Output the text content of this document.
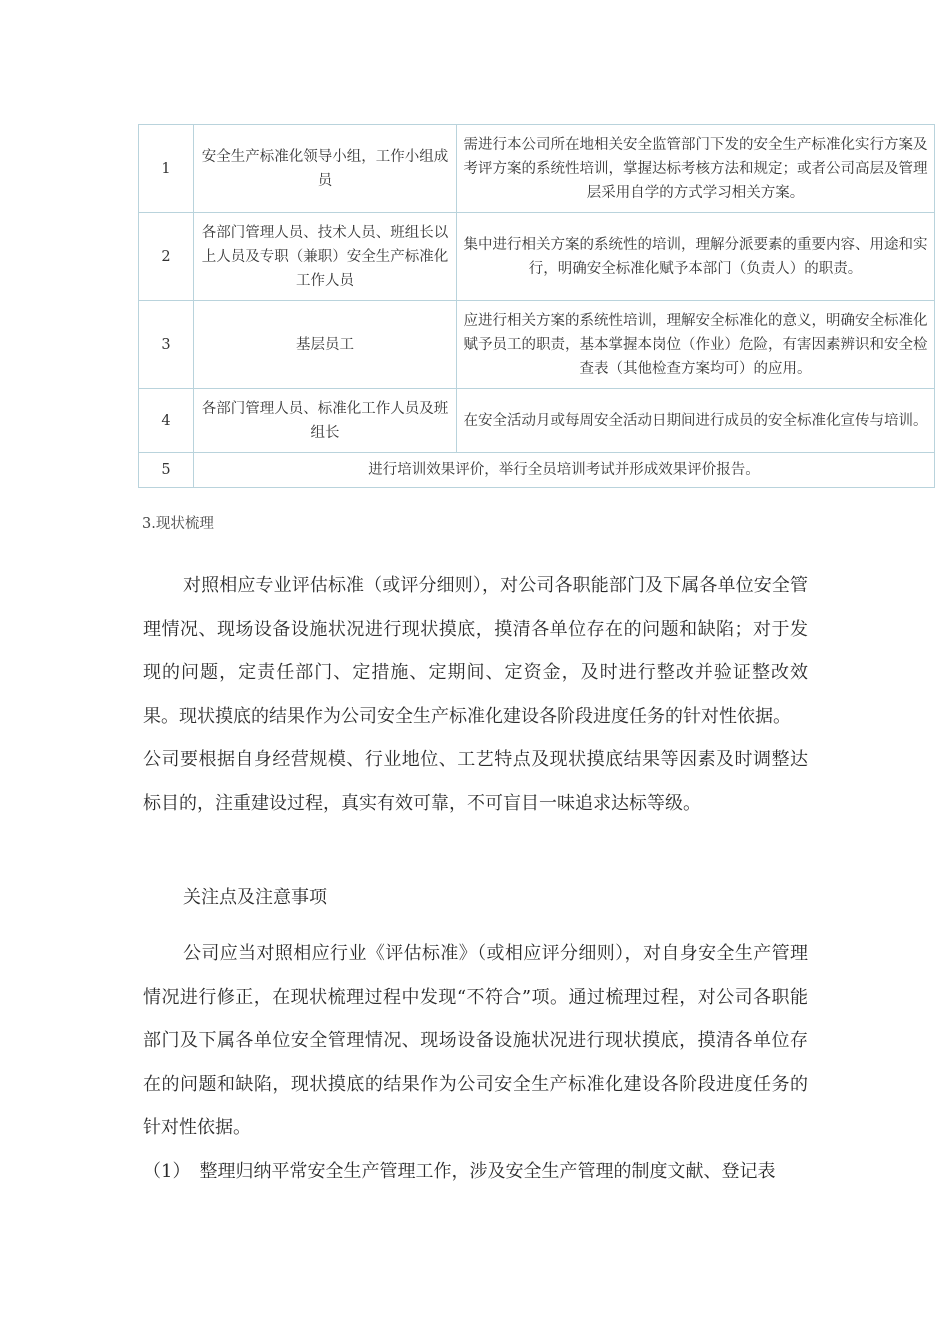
1	安全生产标准化领导小组，工作小组成员	需进行本公司所在地相关安全监管部门下发的安全生产标准化实行方案及考评方案的系统性培训，掌握达标考核方法和规定；或者公司高层及管理层采用自学的方式学习相关方案。
2	各部门管理人员、技术人员、班组长以上人员及专职（兼职）安全生产标准化工作人员	集中进行相关方案的系统性的培训，理解分派要素的重要内容、用途和实行，明确安全标准化赋予本部门（负责人）的职责。
3	基层员工	应进行相关方案的系统性培训，理解安全标准化的意义，明确安全标准化赋予员工的职责，基本掌握本岗位（作业）危险，有害因素辨识和安全检查表（其他检查方案均可）的应用。
4	各部门管理人员、标准化工作人员及班组长	在安全活动月或每周安全活动日期间进行成员的安全标准化宣传与培训。
5	进行培训效果评价，举行全员培训考试并形成效果评价报告。	
3.现状梳理

对照相应专业评估标准（或评分细则），对公司各职能部门及下属各单位安全管理情况、现场设备设施状况进行现状摸底，摸清各单位存在的问题和缺陷；对于发现的问题，定责任部门、定措施、定期间、定资金，及时进行整改并验证整改效果。现状摸底的结果作为公司安全生产标准化建设各阶段进度任务的针对性依据。

公司要根据自身经营规模、行业地位、工艺特点及现状摸底结果等因素及时调整达标目的，注重建设过程，真实有效可靠，不可盲目一味追求达标等级。

关注点及注意事项

公司应当对照相应行业《评估标准》（或相应评分细则），对自身安全生产管理情况进行修正，在现状梳理过程中发现“不符合”项。通过梳理过程，对公司各职能部门及下属各单位安全管理情况、现场设备设施状况进行现状摸底，摸清各单位存在的问题和缺陷，现状摸底的结果作为公司安全生产标准化建设各阶段进度任务的针对性依据。

（1）　整理归纳平常安全生产管理工作，涉及安全生产管理的制度文献、登记表
